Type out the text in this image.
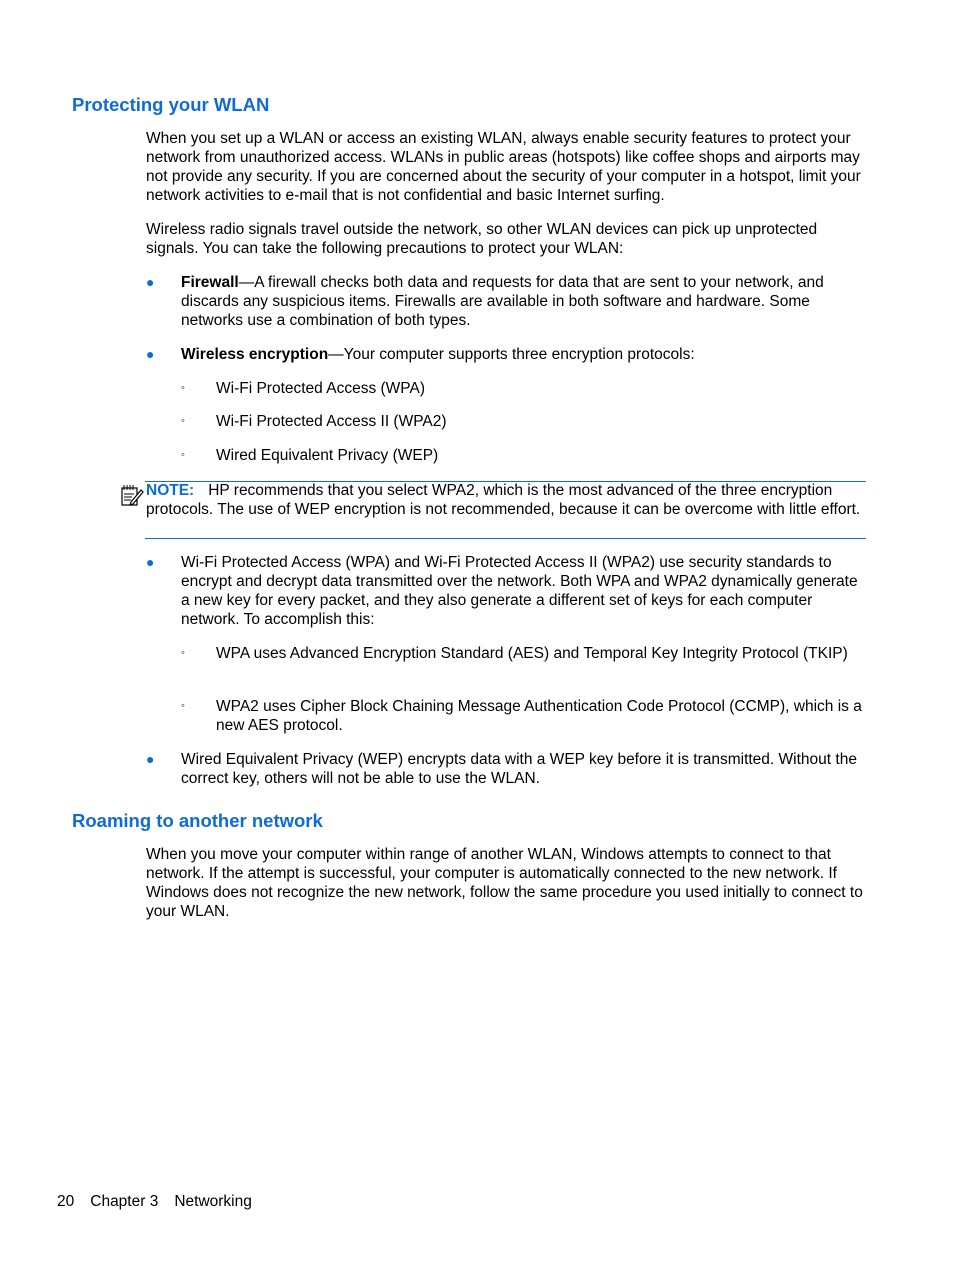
Protecting your WLAN

When you set up a WLAN or access an existing WLAN, always enable security features to protect your network from unauthorized access. WLANs in public areas (hotspots) like coffee shops and airports may not provide any security. If you are concerned about the security of your computer in a hotspot, limit your network activities to e-mail that is not confidential and basic Internet surfing.

Wireless radio signals travel outside the network, so other WLAN devices can pick up unprotected signals. You can take the following precautions to protect your WLAN:

● Firewall—A firewall checks both data and requests for data that are sent to your network, and discards any suspicious items. Firewalls are available in both software and hardware. Some networks use a combination of both types.
● Wireless encryption—Your computer supports three encryption protocols:
◦ Wi-Fi Protected Access (WPA)
◦ Wi-Fi Protected Access II (WPA2)
◦ Wired Equivalent Privacy (WEP)
NOTE: HP recommends that you select WPA2, which is the most advanced of the three encryption protocols. The use of WEP encryption is not recommended, because it can be overcome with little effort.
● Wi-Fi Protected Access (WPA) and Wi-Fi Protected Access II (WPA2) use security standards to encrypt and decrypt data transmitted over the network. Both WPA and WPA2 dynamically generate a new key for every packet, and they also generate a different set of keys for each computer network. To accomplish this:
◦ WPA uses Advanced Encryption Standard (AES) and Temporal Key Integrity Protocol (TKIP)
◦ WPA2 uses Cipher Block Chaining Message Authentication Code Protocol (CCMP), which is a new AES protocol.
● Wired Equivalent Privacy (WEP) encrypts data with a WEP key before it is transmitted. Without the correct key, others will not be able to use the WLAN.
Roaming to another network

When you move your computer within range of another WLAN, Windows attempts to connect to that network. If the attempt is successful, your computer is automatically connected to the new network. If Windows does not recognize the new network, follow the same procedure you used initially to connect to your WLAN.

20 Chapter 3 Networking
